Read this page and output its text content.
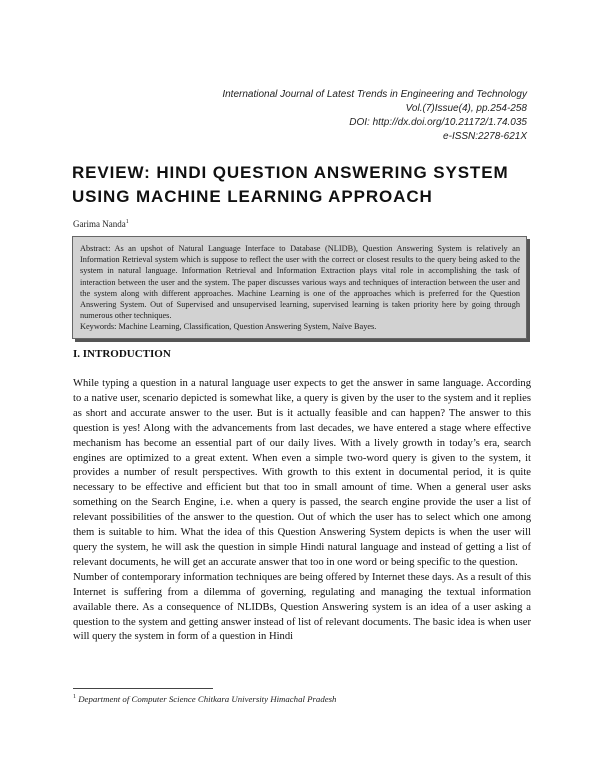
International Journal of Latest Trends in Engineering and Technology
Vol.(7)Issue(4), pp.254-258
DOI: http://dx.doi.org/10.21172/1.74.035
e-ISSN:2278-621X
REVIEW: HINDI QUESTION ANSWERING SYSTEM
USING MACHINE LEARNING APPROACH
Garima Nanda$^1$

Abstract: As an upshot of Natural Language Interface to Database (NLIDB), Question Answering System is relatively an Information Retrieval system which is suppose to reflect the user with the correct or closest results to the query being asked to the system in natural language. Information Retrieval and Information Extraction plays vital role in accomplishing the task of interaction between the user and the system. The paper discusses various ways and techniques of interaction between the user and the system along with different approaches. Machine Learning is one of the approaches which is preferred for the Question Answering System. Out of Supervised and unsupervised learning, supervised learning is taken priority here by going through numerous other techniques.

Keywords: Machine Learning, Classification, Question Answering System, Naïve Bayes.

I. INTRODUCTION

While typing a question in a natural language user expects to get the answer in same language. According to a native user, scenario depicted is somewhat like, a query is given by the user to the system and it replies as short and accurate answer to the user. But is it actually feasible and can happen? The answer to this question is yes! Along with the advancements from last decades, we have entered a stage where effective mechanism has become an essential part of our daily lives. With a lively growth in today’s era, search engines are optimized to a great extent. When even a simple two-word query is given to the system, it provides a number of result perspectives. With growth to this extent in documental period, it is quite necessary to be effective and efficient but that too in small amount of time. When a general user asks something on the Search Engine, i.e. when a query is passed, the search engine provide the user a list of relevant possibilities of the answer to the question. Out of which the user has to select which one among them is suitable to him. What the idea of this Question Answering System depicts is when the user will query the system, he will ask the question in simple Hindi natural language and instead of getting a list of relevant documents, he will get an accurate answer that too in one word or being specific to the question.

Number of contemporary information techniques are being offered by Internet these days. As a result of this Internet is suffering from a dilemma of governing, regulating and managing the textual information available there. As a consequence of NLIDBs, Question Answering system is an idea of a user asking a question to the system and getting answer instead of list of relevant documents. The basic idea is when user will query the system in form of a question in Hindi

$^1$ Department of Computer Science Chitkara University Himachal Pradesh
